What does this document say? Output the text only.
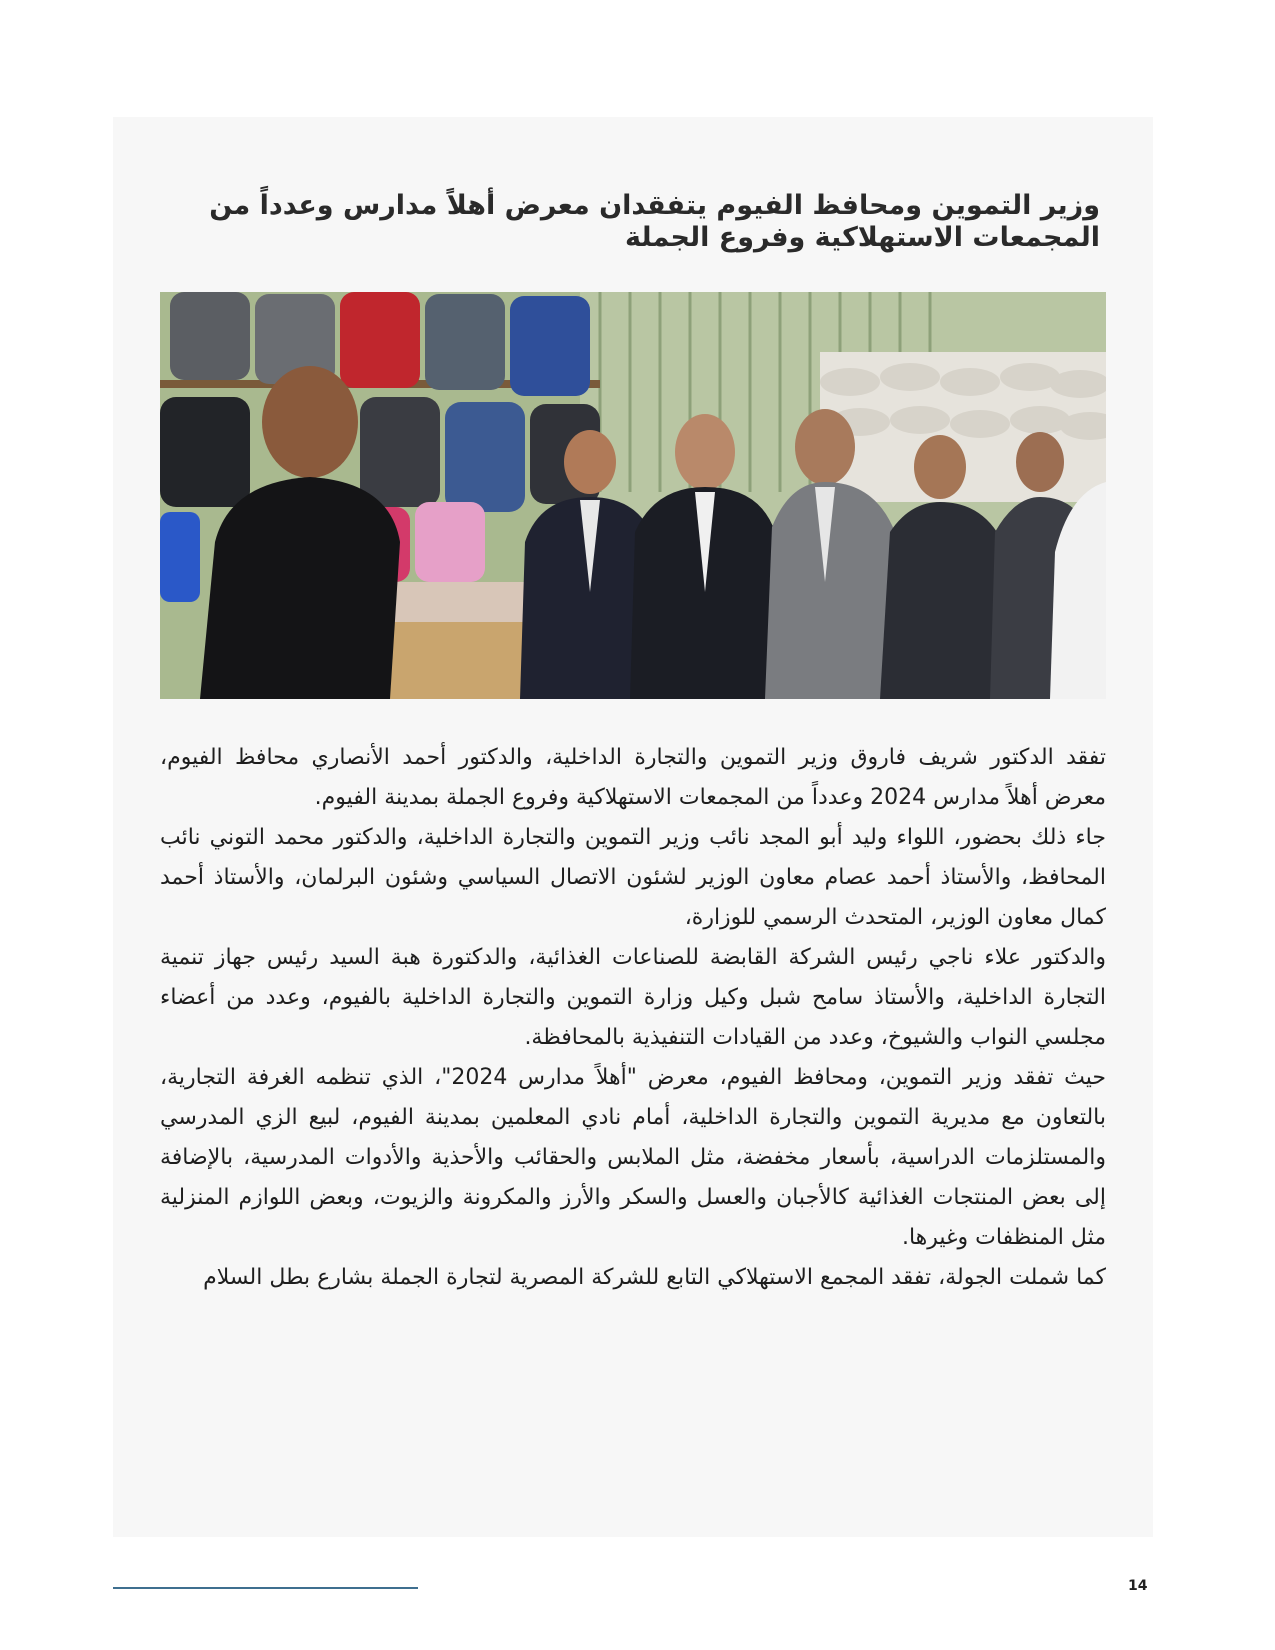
وزير التموين ومحافظ الفيوم يتفقدان معرض أهلاً مدارس وعدداً من المجمعات الاستهلاكية وفروع الجملة

تفقد الدكتور شريف فاروق وزير التموين والتجارة الداخلية، والدكتور أحمد الأنصاري محافظ الفيوم، معرض أهلاً مدارس 2024 وعدداً من المجمعات الاستهلاكية وفروع الجملة بمدينة الفيوم.

جاء ذلك بحضور، اللواء وليد أبو المجد نائب وزير التموين والتجارة الداخلية، والدكتور محمد التوني نائب المحافظ، والأستاذ أحمد عصام معاون الوزير لشئون الاتصال السياسي وشئون البرلمان، والأستاذ أحمد كمال معاون الوزير، المتحدث الرسمي للوزارة،

والدكتور علاء ناجي رئيس الشركة القابضة للصناعات الغذائية، والدكتورة هبة السيد رئيس جهاز تنمية التجارة الداخلية، والأستاذ سامح شبل وكيل وزارة التموين والتجارة الداخلية بالفيوم، وعدد من أعضاء مجلسي النواب والشيوخ، وعدد من القيادات التنفيذية بالمحافظة.

حيث تفقد وزير التموين، ومحافظ الفيوم، معرض "أهلاً مدارس 2024"، الذي تنظمه الغرفة التجارية، بالتعاون مع مديرية التموين والتجارة الداخلية، أمام نادي المعلمين بمدينة الفيوم، لبيع الزي المدرسي والمستلزمات الدراسية، بأسعار مخفضة، مثل الملابس والحقائب والأحذية والأدوات المدرسية، بالإضافة إلى بعض المنتجات الغذائية كالأجبان والعسل والسكر والأرز والمكرونة والزيوت، وبعض اللوازم المنزلية مثل المنظفات وغيرها.

كما شملت الجولة، تفقد المجمع الاستهلاكي التابع للشركة المصرية لتجارة الجملة بشارع بطل السلام

14
